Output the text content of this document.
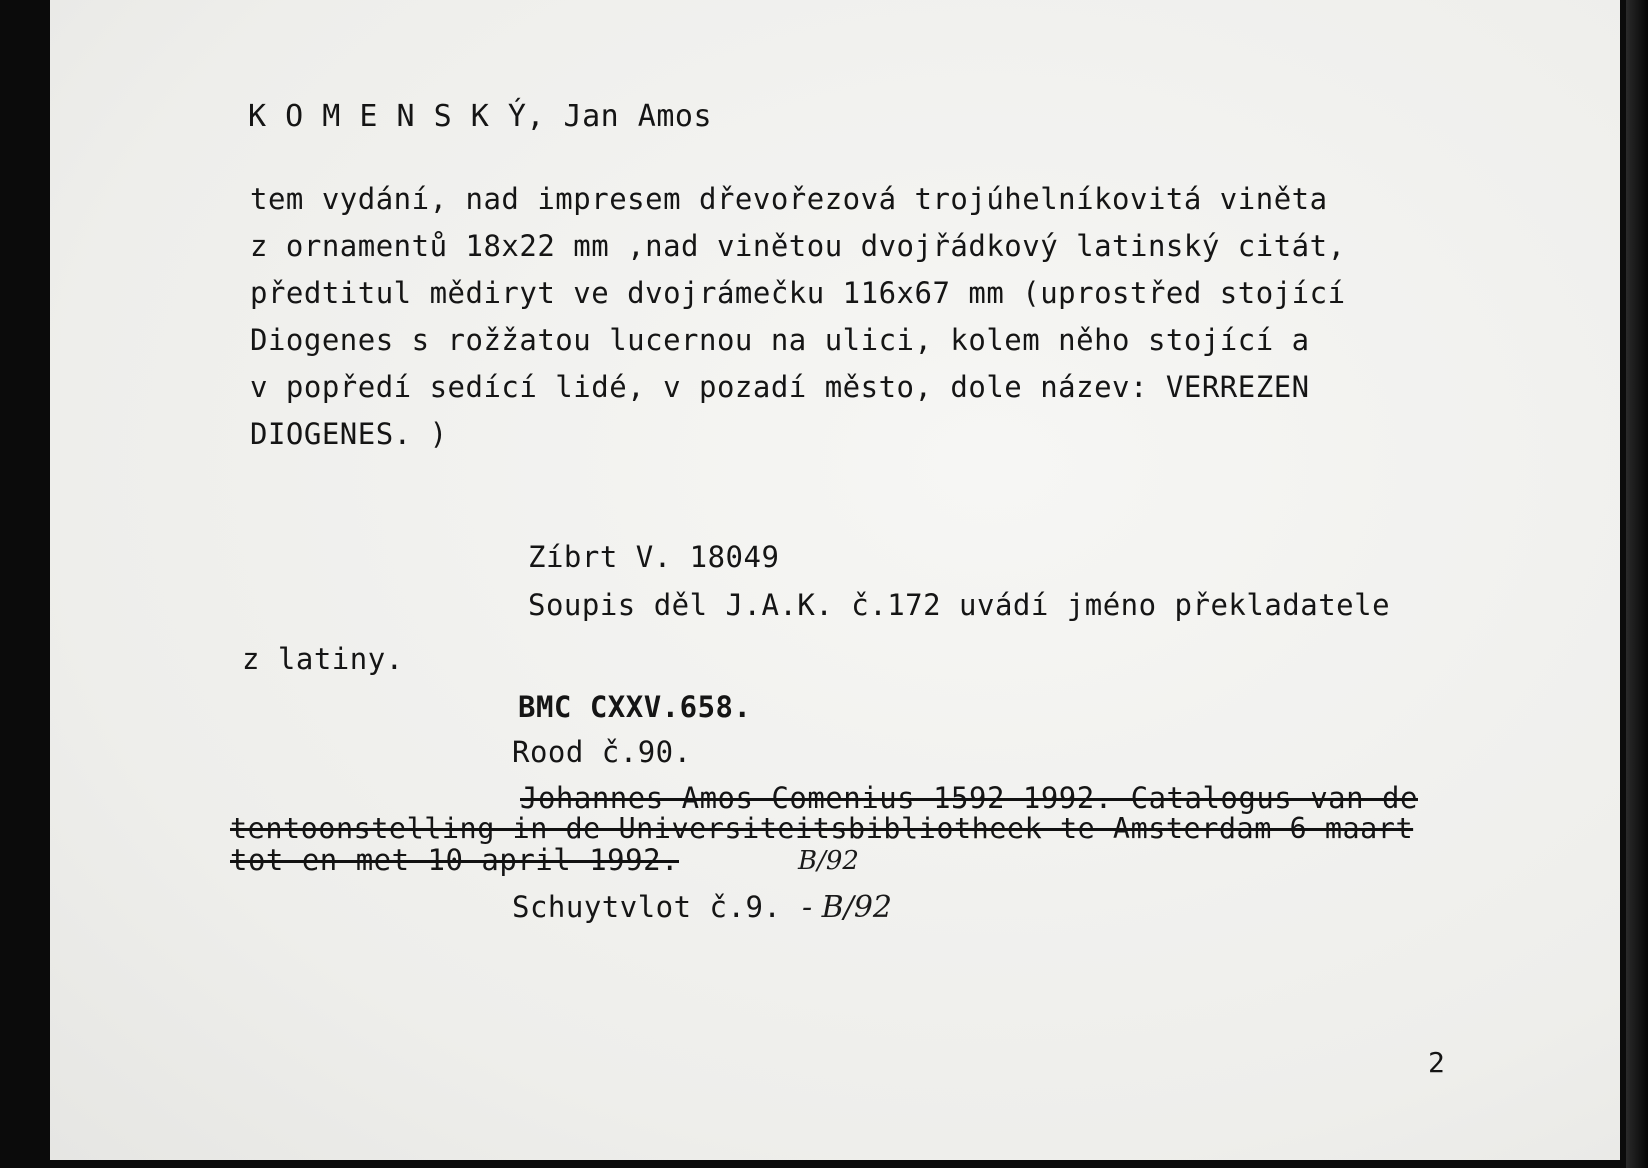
K O M E N S K Ý, Jan Amos
tem vydání, nad impresem dřevořezová trojúhelníkovitá viněta
z ornamentů 18x22 mm ,nad vinětou dvojřádkový latinský citát,
předtitul mědiryt ve dvojrámečku 116x67 mm (uprostřed stojící
Diogenes s rožžatou lucernou na ulici, kolem něho stojící a
v popředí sedící lidé, v pozadí město, dole název: VERREZEN
DIOGENES. )
Zíbrt V. 18049
Soupis děl J.A.K. č.172 uvádí jméno překladatele
z latiny.
BMC CXXV.658.
Rood č.90.
Johannes Amos Comenius 1592-1992. Catalogus van de
tentoonstelling in de Universiteitsbibliotheek te Amsterdam 6 maart
tot en met 10 april 1992.	B/92
Schuytvlot č.9. - B/92
2
